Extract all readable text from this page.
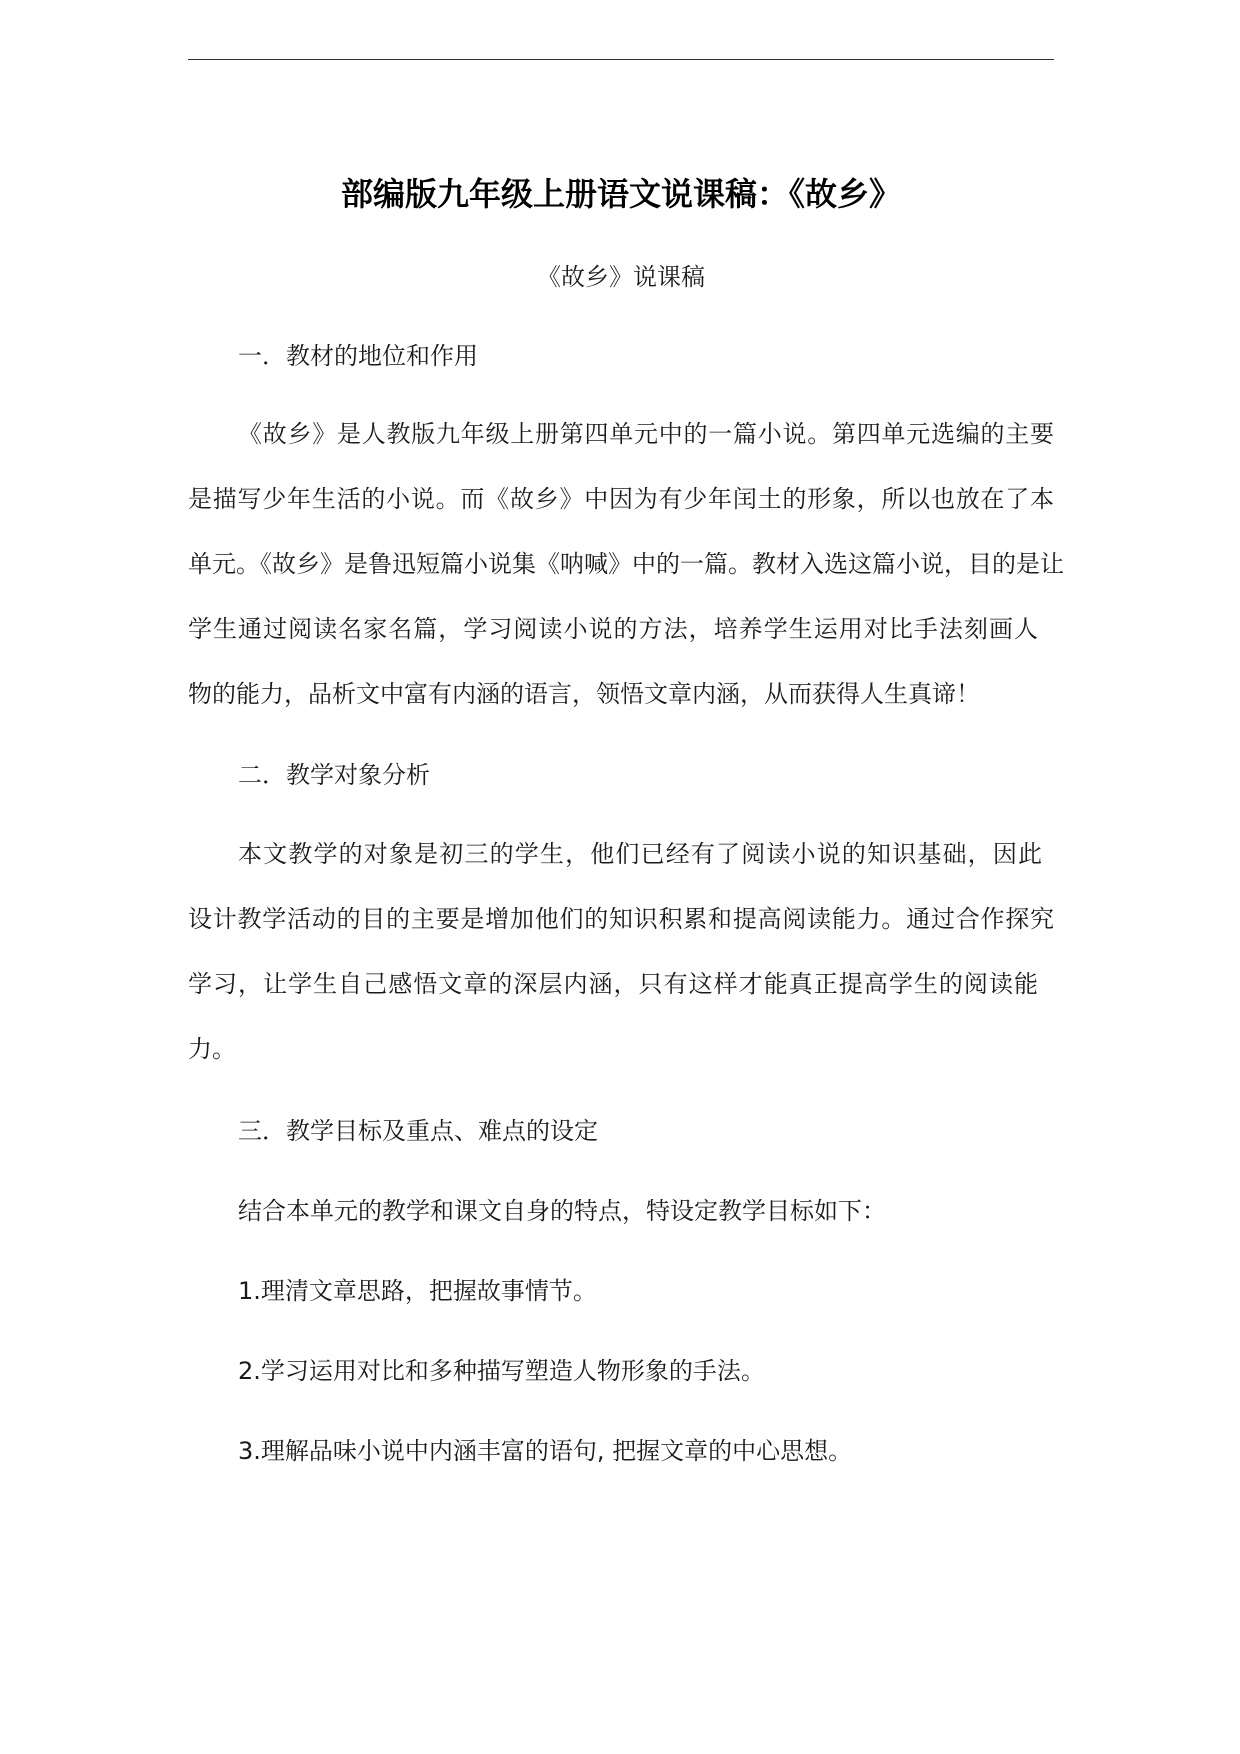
部编版九年级上册语文说课稿：《故乡》
《故乡》说课稿
一．教材的地位和作用
《故乡》是人教版九年级上册第四单元中的一篇小说。第四单元选编的主要
是描写少年生活的小说。而《故乡》中因为有少年闰土的形象，所以也放在了本
单元。《故乡》是鲁迅短篇小说集《呐喊》中的一篇。教材入选这篇小说，目的是让
学生通过阅读名家名篇，学习阅读小说的方法，培养学生运用对比手法刻画人
物的能力，品析文中富有内涵的语言，领悟文章内涵，从而获得人生真谛！
二．教学对象分析
本文教学的对象是初三的学生，他们已经有了阅读小说的知识基础，因此
设计教学活动的目的主要是增加他们的知识积累和提高阅读能力。通过合作探究
学习，让学生自己感悟文章的深层内涵，只有这样才能真正提高学生的阅读能
力。
三．教学目标及重点、难点的设定
结合本单元的教学和课文自身的特点，特设定教学目标如下：
1.理清文章思路，把握故事情节。
2.学习运用对比和多种描写塑造人物形象的手法。
3.理解品味小说中内涵丰富的语句, 把握文章的中心思想。
